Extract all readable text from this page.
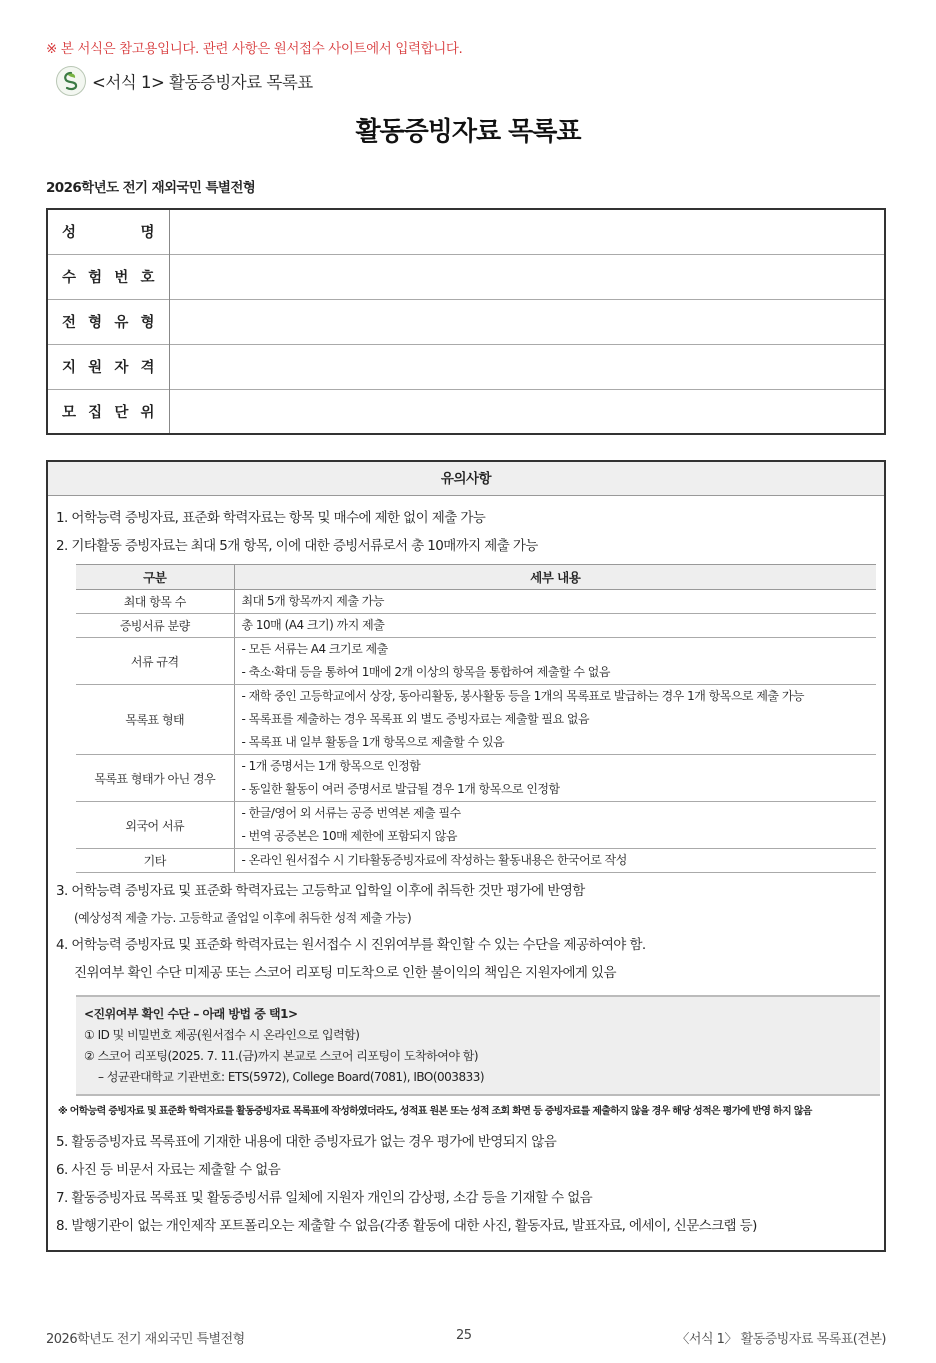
※ 본 서식은 참고용입니다. 관련 사항은 원서접수 사이트에서 입력합니다.
<서식 1> 활동증빙자료 목록표
활동증빙자료 목록표
2026학년도 전기 재외국민 특별전형
성 명	

수 험 번 호	

전 형 유 형	

지 원 자 격	

모 집 단 위	

유의사항
1. 어학능력 증빙자료, 표준화 학력자료는 항목 및 매수에 제한 없이 제출 가능
2. 기타활동 증빙자료는 최대 5개 항목, 이에 대한 증빙서류로서 총 10매까지 제출 가능
구분	세부 내용
최대 항목 수	최대 5개 항목까지 제출 가능

증빙서류 분량	총 10매 (A4 크기) 까지 제출

서류 규격	- 모든 서류는 A4 크기로 제출
- 축소·확대 등을 통하여 1매에 2개 이상의 항목을 통합하여 제출할 수 없음

목록표 형태	- 재학 중인 고등학교에서 상장, 동아리활동, 봉사활동 등을 1개의 목록표로 발급하는 경우 1개 항목으로 제출 가능
- 목록표를 제출하는 경우 목록표 외 별도 증빙자료는 제출할 필요 없음
- 목록표 내 일부 활동을 1개 항목으로 제출할 수 있음

목록표 형태가 아닌 경우	- 1개 증명서는 1개 항목으로 인정함
- 동일한 활동이 여러 증명서로 발급될 경우 1개 항목으로 인정함

외국어 서류	- 한글/영어 외 서류는 공증 번역본 제출 필수
- 번역 공증본은 10매 제한에 포함되지 않음

기타	- 온라인 원서접수 시 기타활동증빙자료에 작성하는 활동내용은 한국어로 작성
3. 어학능력 증빙자료 및 표준화 학력자료는 고등학교 입학일 이후에 취득한 것만 평가에 반영함
(예상성적 제출 가능. 고등학교 졸업일 이후에 취득한 성적 제출 가능)
4. 어학능력 증빙자료 및 표준화 학력자료는 원서접수 시 진위여부를 확인할 수 있는 수단을 제공하여야 함.
진위여부 확인 수단 미제공 또는 스코어 리포팅 미도착으로 인한 불이익의 책임은 지원자에게 있음
<진위여부 확인 수단 – 아래 방법 중 택1>
① ID 및 비밀번호 제공(원서접수 시 온라인으로 입력함)
② 스코어 리포팅(2025. 7. 11.(금)까지 본교로 스코어 리포팅이 도착하여야 함)
– 성균관대학교 기관번호: ETS(5972), College Board(7081), IBO(003833)
※ 어학능력 증빙자료 및 표준화 학력자료를 활동증빙자료 목록표에 작성하였더라도, 성적표 원본 또는 성적 조회 화면 등 증빙자료를 제출하지 않을 경우 해당 성적은 평가에 반영 하지 않음
5. 활동증빙자료 목록표에 기재한 내용에 대한 증빙자료가 없는 경우 평가에 반영되지 않음
6. 사진 등 비문서 자료는 제출할 수 없음
7. 활동증빙자료 목록표 및 활동증빙서류 일체에 지원자 개인의 감상평, 소감 등을 기재할 수 없음
8. 발행기관이 없는 개인제작 포트폴리오는 제출할 수 없음(각종 활동에 대한 사진, 활동자료, 발표자료, 에세이, 신문스크랩 등)
2026학년도 전기 재외국민 특별전형	25	〈서식 1〉 활동증빙자료 목록표(견본)
